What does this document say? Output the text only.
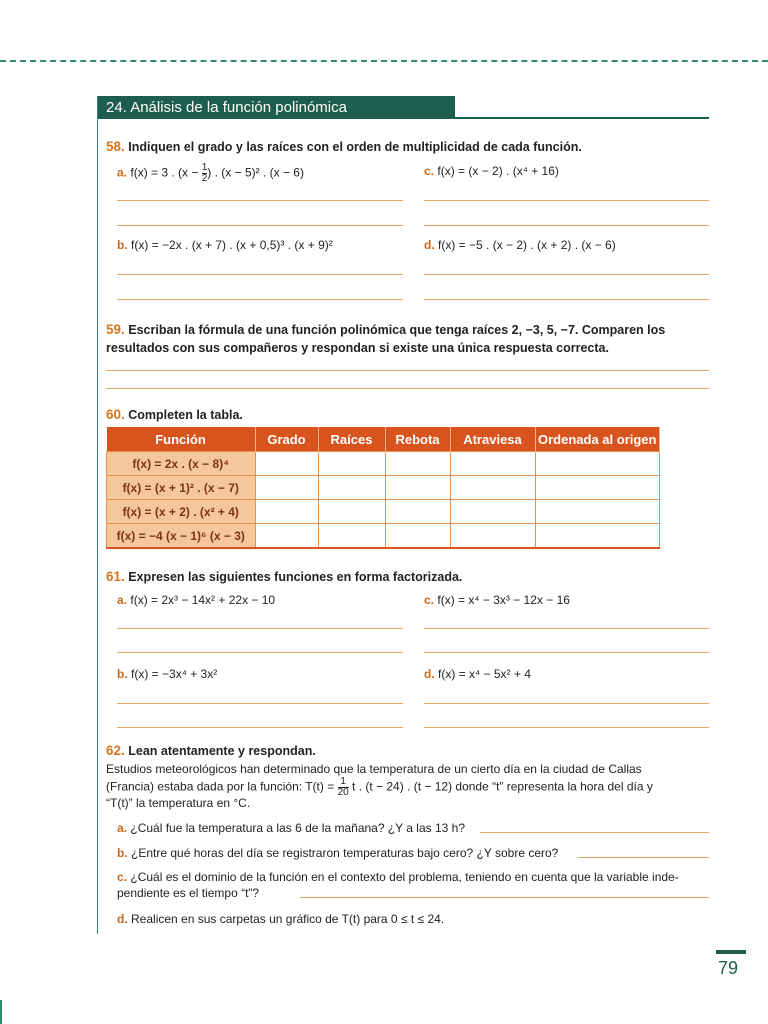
24. Análisis de la función polinómica
58. Indiquen el grado y las raíces con el orden de multiplicidad de cada función.
a. f(x) = 3 . ($x - \frac{1}{2}$ ) . (x − 5)² . (x − 6)	c. f(x) = (x − 2) . (x⁴ + 16)
b. f(x) = −2x . (x + 7) . (x + 0,5)³ . (x + 9)²	d. f(x) = −5 . (x − 2) . (x + 2) . (x − 6)
59. Escriban la fórmula de una función polinómica que tenga raíces 2, −3, 5, −7. Comparen los
resultados con sus compañeros y respondan si existe una única respuesta correcta.
60. Completen la tabla.
Función	Grado	Raíces	Rebota	Atraviesa	Ordenada al origen
f(x) = 2x . (x − 8)⁴					
f(x) = (x + 1)² . (x − 7)					
f(x) = (x + 2) . (x² + 4)					
f(x) = −4 (x − 1)⁶ (x − 3)					
61. Expresen las siguientes funciones en forma factorizada.
a. f(x) = 2x³ − 14x² + 22x − 10	c. f(x) = x⁴ − 3x³ − 12x − 16
b. f(x) = −3x⁴ + 3x²	d. f(x) = x⁴ − 5x² + 4
62. Lean atentamente y respondan.
Estudios meteorológicos han determinado que la temperatura de un cierto día en la ciudad de Callas
(Francia) estaba dada por la función: $T(t) = \frac{1}{20}$ t . (t − 24) . (t − 12) donde “t” representa la hora del día y
“T(t)” la temperatura en °C.
a. ¿Cuál fue la temperatura a las 6 de la mañana? ¿Y a las 13 h?
b. ¿Entre qué horas del día se registraron temperaturas bajo cero? ¿Y sobre cero?
c. ¿Cuál es el dominio de la función en el contexto del problema, teniendo en cuenta que la variable inde-
pendiente es el tiempo “t”?
d. Realicen en sus carpetas un gráfico de T(t) para 0 ≤ t ≤ 24.
79
